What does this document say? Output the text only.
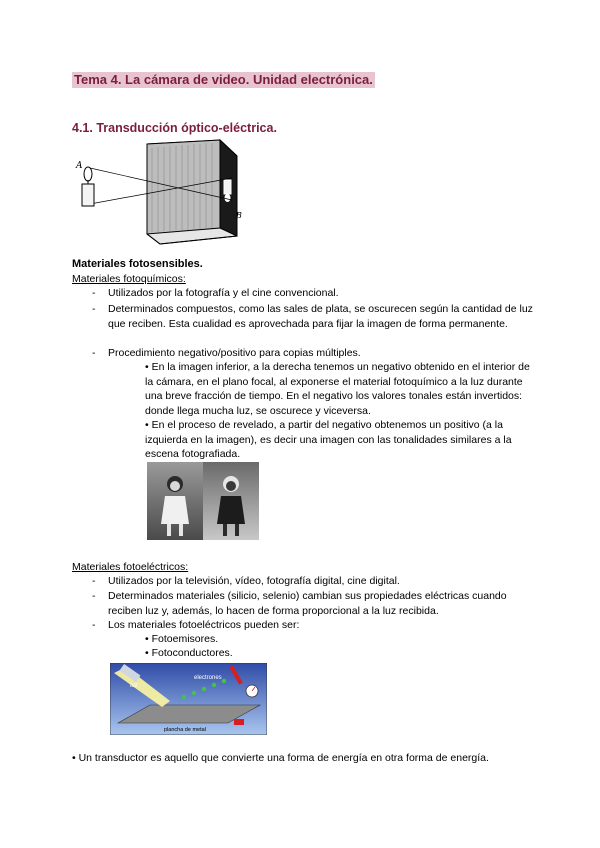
Tema 4. La cámara de video. Unidad electrónica.
4.1. Transducción óptico-eléctrica.
A
B
Materiales fotosensibles.
Materiales fotoquímicos:
- Utilizados por la fotografía y el cine convencional.
- Determinados compuestos, como las sales de plata, se oscurecen según la cantidad de luz que reciben. Esta cualidad es aprovechada para fijar la imagen de forma permanente.
- Procedimiento negativo/positivo para copias múltiples.
• En la imagen inferior, a la derecha tenemos un negativo obtenido en el interior de la cámara, en el plano focal, al exponerse el material fotoquímico a la luz durante una breve fracción de tiempo. En el negativo los valores tonales están invertidos: donde llega mucha luz, se oscurece y viceversa.
• En el proceso de revelado, a partir del negativo obtenemos un positivo (a la izquierda en la imagen), es decir una imagen con las tonalidades similares a la escena fotografiada.
Materiales fotoeléctricos:
- Utilizados por la televisión, vídeo, fotografía digital, cine digital.
- Determinados materiales (silicio, selenio) cambian sus propiedades eléctricas cuando reciben luz y, además, lo hacen de forma proporcional a la luz recibida.
- Los materiales fotoeléctricos pueden ser:
• Fotoemisores.
• Fotoconductores.
luz
electrones
plancha de metal
• Un transductor es aquello que convierte una forma de energía en otra forma de energía.
